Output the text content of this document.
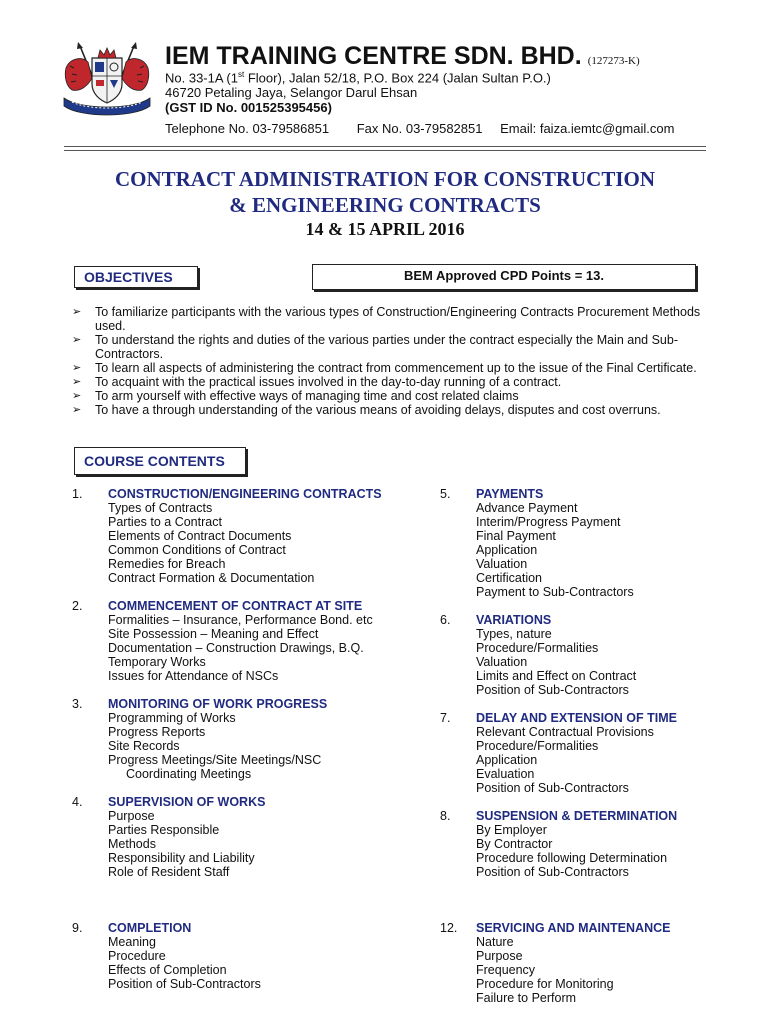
IEM TRAINING CENTRE SDN. BHD. (127273-K)
No. 33-1A (1st Floor), Jalan 52/18, P.O. Box 224 (Jalan Sultan P.O.)
46720 Petaling Jaya, Selangor Darul Ehsan
(GST ID No. 001525395456)
Telephone No. 03-79586851 Fax No. 03-79582851 Email: faiza.iemtc@gmail.com
CONTRACT ADMINISTRATION FOR CONSTRUCTION
& ENGINEERING CONTRACTS
14 & 15 APRIL 2016
OBJECTIVES	BEM Approved CPD Points = 13.
➢ To familiarize participants with the various types of Construction/Engineering Contracts Procurement Methods used.
➢ To understand the rights and duties of the various parties under the contract especially the Main and Sub-Contractors.
➢ To learn all aspects of administering the contract from commencement up to the issue of the Final Certificate.
➢ To acquaint with the practical issues involved in the day-to-day running of a contract.
➢ To arm yourself with effective ways of managing time and cost related claims
➢ To have a through understanding of the various means of avoiding delays, disputes and cost overruns.
COURSE CONTENTS
1. CONSTRUCTION/ENGINEERING CONTRACTS
Types of Contracts
Parties to a Contract
Elements of Contract Documents
Common Conditions of Contract
Remedies for Breach
Contract Formation & Documentation
2. COMMENCEMENT OF CONTRACT AT SITE
Formalities – Insurance, Performance Bond. etc
Site Possession – Meaning and Effect
Documentation – Construction Drawings, B.Q.
Temporary Works
Issues for Attendance of NSCs
3. MONITORING OF WORK PROGRESS
Programming of Works
Progress Reports
Site Records
Progress Meetings/Site Meetings/NSC
Coordinating Meetings
4. SUPERVISION OF WORKS
Purpose
Parties Responsible
Methods
Responsibility and Liability
Role of Resident Staff
5. PAYMENTS
Advance Payment
Interim/Progress Payment
Final Payment
Application
Valuation
Certification
Payment to Sub-Contractors
6. VARIATIONS
Types, nature
Procedure/Formalities
Valuation
Limits and Effect on Contract
Position of Sub-Contractors
7. DELAY AND EXTENSION OF TIME
Relevant Contractual Provisions
Procedure/Formalities
Application
Evaluation
Position of Sub-Contractors
8. SUSPENSION & DETERMINATION
By Employer
By Contractor
Procedure following Determination
Position of Sub-Contractors
9. COMPLETION
Meaning
Procedure
Effects of Completion
Position of Sub-Contractors
12. SERVICING AND MAINTENANCE
Nature
Purpose
Frequency
Procedure for Monitoring
Failure to Perform
